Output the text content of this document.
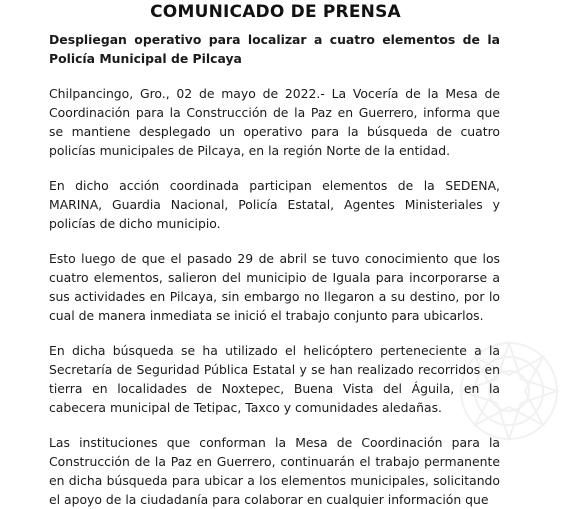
COMUNICADO DE PRENSA

Despliegan operativo para localizar a cuatro elementos de la Policía Municipal de Pilcaya

Chilpancingo, Gro., 02 de mayo de 2022.- La Vocería de la Mesa de Coordinación para la Construcción de la Paz en Guerrero, informa que se mantiene desplegado un operativo para la búsqueda de cuatro policías municipales de Pilcaya, en la región Norte de la entidad.

En dicho acción coordinada participan elementos de la SEDENA, MARINA, Guardia Nacional, Policía Estatal, Agentes Ministeriales y policías de dicho municipio.

Esto luego de que el pasado 29 de abril se tuvo conocimiento que los cuatro elementos, salieron del municipio de Iguala para incorporarse a sus actividades en Pilcaya, sin embargo no llegaron a su destino, por lo cual de manera inmediata se inició el trabajo conjunto para ubicarlos.

En dicha búsqueda se ha utilizado el helicóptero perteneciente a la Secretaría de Seguridad Pública Estatal y se han realizado recorridos en tierra en localidades de Noxtepec, Buena Vista del Águila, en la cabecera municipal de Tetipac, Taxco y comunidades aledañas.

Las instituciones que conforman la Mesa de Coordinación para la Construcción de la Paz en Guerrero, continuarán el trabajo permanente en dicha búsqueda para ubicar a los elementos municipales, solicitando el apoyo de la ciudadanía para colaborar en cualquier información que
